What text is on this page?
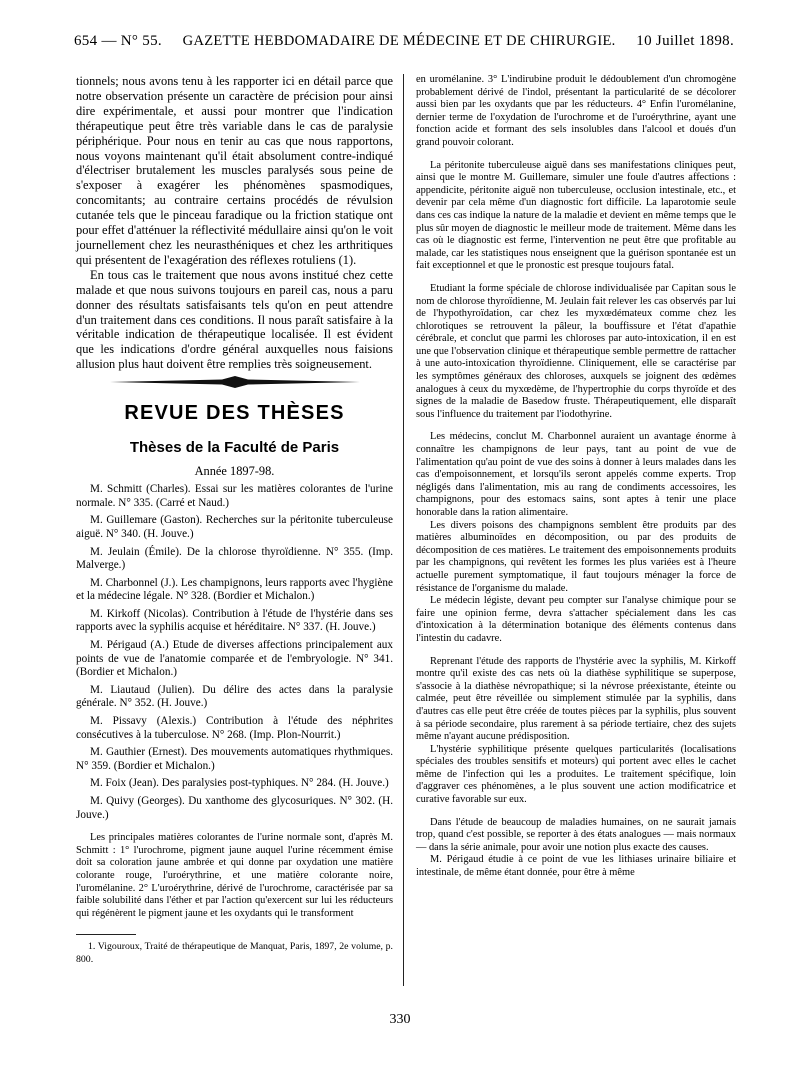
654 — N° 55. GAZETTE HEBDOMADAIRE DE MÉDECINE ET DE CHIRURGIE. 10 Juillet 1898.

tionnels; nous avons tenu à les rapporter ici en détail parce que notre observation présente un caractère de précision pour ainsi dire expérimentale, et aussi pour montrer que l'indication thérapeutique peut être très variable dans le cas de paralysie périphérique. Pour nous en tenir au cas que nous rapportons, nous voyons maintenant qu'il était absolument contre-indiqué d'électriser brutalement les muscles paralysés sous peine de s'exposer à exagérer les phénomènes spasmodiques, concomitants; au contraire certains procédés de révulsion cutanée tels que le pinceau faradique ou la friction statique ont pour effet d'atténuer la réflectivité médullaire ainsi qu'on le voit journellement chez les neurasthéniques et chez les arthritiques qui présentent de l'exagération des réflexes rotuliens (1).

En tous cas le traitement que nous avons institué chez cette malade et que nous suivons toujours en pareil cas, nous a paru donner des résultats satisfaisants tels qu'on en peut attendre d'un traitement dans ces conditions. Il nous paraît satisfaire à la véritable indication de thérapeutique localisée. Il est évident que les indications d'ordre général auxquelles nous faisions allusion plus haut doivent être remplies très soigneusement.

REVUE DES THÈSES
Thèses de la Faculté de Paris
Année 1897-98.

M. Schmitt (Charles). Essai sur les matières colorantes de l'urine normale. N° 335. (Carré et Naud.)

M. Guillemare (Gaston). Recherches sur la péritonite tuberculeuse aiguë. N° 340. (H. Jouve.)

M. Jeulain (Émile). De la chlorose thyroïdienne. N° 355. (Imp. Malverge.)

M. Charbonnel (J.). Les champignons, leurs rapports avec l'hygiène et la médecine légale. N° 328. (Bordier et Michalon.)

M. Kirkoff (Nicolas). Contribution à l'étude de l'hystérie dans ses rapports avec la syphilis acquise et héréditaire. N° 337. (H. Jouve.)

M. Périgaud (A.) Etude de diverses affections principalement aux points de vue de l'anatomie comparée et de l'embryologie. N° 341. (Bordier et Michalon.)

M. Liautaud (Julien). Du délire des actes dans la paralysie générale. N° 352. (H. Jouve.)

M. Pissavy (Alexis.) Contribution à l'étude des néphrites consécutives à la tuberculose. N° 268. (Imp. Plon-Nourrit.)

M. Gauthier (Ernest). Des mouvements automatiques rhythmiques. N° 359. (Bordier et Michalon.)

M. Foix (Jean). Des paralysies post-typhiques. N° 284. (H. Jouve.)

M. Quivy (Georges). Du xanthome des glycosuriques. N° 302. (H. Jouve.)

Les principales matières colorantes de l'urine normale sont, d'après M. Schmitt : 1° l'urochrome, pigment jaune auquel l'urine récemment émise doit sa coloration jaune ambrée et qui donne par oxydation une matière colorante rouge, l'uroérythrine, et une matière colorante noire, l'uromélanine. 2° L'uroérythrine, dérivé de l'urochrome, caractérisée par sa faible solubilité dans l'éther et par l'action qu'exercent sur lui les réducteurs qui régénèrent le pigment jaune et les oxydants qui le transforment

1. Vigouroux, Traité de thérapeutique de Manquat, Paris, 1897, 2e volume, p. 800.

en uromélanine. 3° L'indirubine produit le dédoublement d'un chromogène probablement dérivé de l'indol, présentant la particularité de se décolorer aussi bien par les oxydants que par les réducteurs. 4° Enfin l'uromélanine, dernier terme de l'oxydation de l'urochrome et de l'uroérythrine, ayant une fonction acide et formant des sels insolubles dans l'alcool et doués d'un grand pouvoir colorant.

La péritonite tuberculeuse aiguë dans ses manifestations cliniques peut, ainsi que le montre M. Guillemare, simuler une foule d'autres affections : appendicite, péritonite aiguë non tuberculeuse, occlusion intestinale, etc., et devenir par cela même d'un diagnostic fort difficile. La laparotomie seule dans ces cas indique la nature de la maladie et devient en même temps que le plus sûr moyen de diagnostic le meilleur mode de traitement. Même dans les cas où le diagnostic est ferme, l'intervention ne peut être que profitable au malade, car les statistiques nous enseignent que la guérison spontanée est un fait exceptionnel et que le pronostic est presque toujours fatal.

Etudiant la forme spéciale de chlorose individualisée par Capitan sous le nom de chlorose thyroïdienne, M. Jeulain fait relever les cas observés par lui de l'hypothyroïdation, car chez les myxœdémateux comme chez les chlorotiques se retrouvent la pâleur, la bouffissure et l'état d'apathie cérébrale, et conclut que parmi les chloroses par auto-intoxication, il en est une que l'observation clinique et thérapeutique semble permettre de rattacher à une auto-intoxication thyroïdienne. Cliniquement, elle se caractérise par les symptômes généraux des chloroses, auxquels se joignent des œdèmes analogues à ceux du myxœdème, de l'hypertrophie du corps thyroïde et des signes de la maladie de Basedow fruste. Thérapeutiquement, elle disparaît sous l'influence du traitement par l'iodothyrine.

Les médecins, conclut M. Charbonnel auraient un avantage énorme à connaître les champignons de leur pays, tant au point de vue de l'alimentation qu'au point de vue des soins à donner à leurs malades dans les cas d'empoisonnement, et lorsqu'ils seront appelés comme experts. Trop négligés dans l'alimentation, mis au rang de condiments accessoires, les champignons, pour des estomacs sains, sont aptes à tenir une place honorable dans la ration alimentaire.

Les divers poisons des champignons semblent être produits par des matières albuminoïdes en décomposition, ou par des produits de décomposition de ces matières. Le traitement des empoisonnements produits par les champignons, qui revêtent les formes les plus variées est à l'heure actuelle purement symptomatique, il faut toujours ménager la force de résistance de l'organisme du malade.

Le médecin légiste, devant peu compter sur l'analyse chimique pour se faire une opinion ferme, devra s'attacher spécialement dans les cas d'intoxication à la détermination botanique des éléments contenus dans l'intestin du cadavre.

Reprenant l'étude des rapports de l'hystérie avec la syphilis, M. Kirkoff montre qu'il existe des cas nets où la diathèse syphilitique se superpose, s'associe à la diathèse névropathique; si la névrose préexistante, éteinte ou calmée, peut être réveillée ou simplement stimulée par la syphilis, dans d'autres cas elle peut être créée de toutes pièces par la syphilis, plus souvent à sa période secondaire, plus rarement à sa période tertiaire, chez des sujets même n'ayant aucune prédisposition.

L'hystérie syphilitique présente quelques particularités (localisations spéciales des troubles sensitifs et moteurs) qui portent avec elles le cachet même de l'infection qui les a produites. Le traitement spécifique, loin d'aggraver ces phénomènes, a le plus souvent une action modificatrice et curative favorable sur eux.

Dans l'étude de beaucoup de maladies humaines, on ne saurait jamais trop, quand c'est possible, se reporter à des états analogues — mais normaux — dans la série animale, pour avoir une notion plus exacte des causes.

M. Périgaud étudie à ce point de vue les lithiases urinaire biliaire et intestinale, de même étant donnée, pour être à même

330
